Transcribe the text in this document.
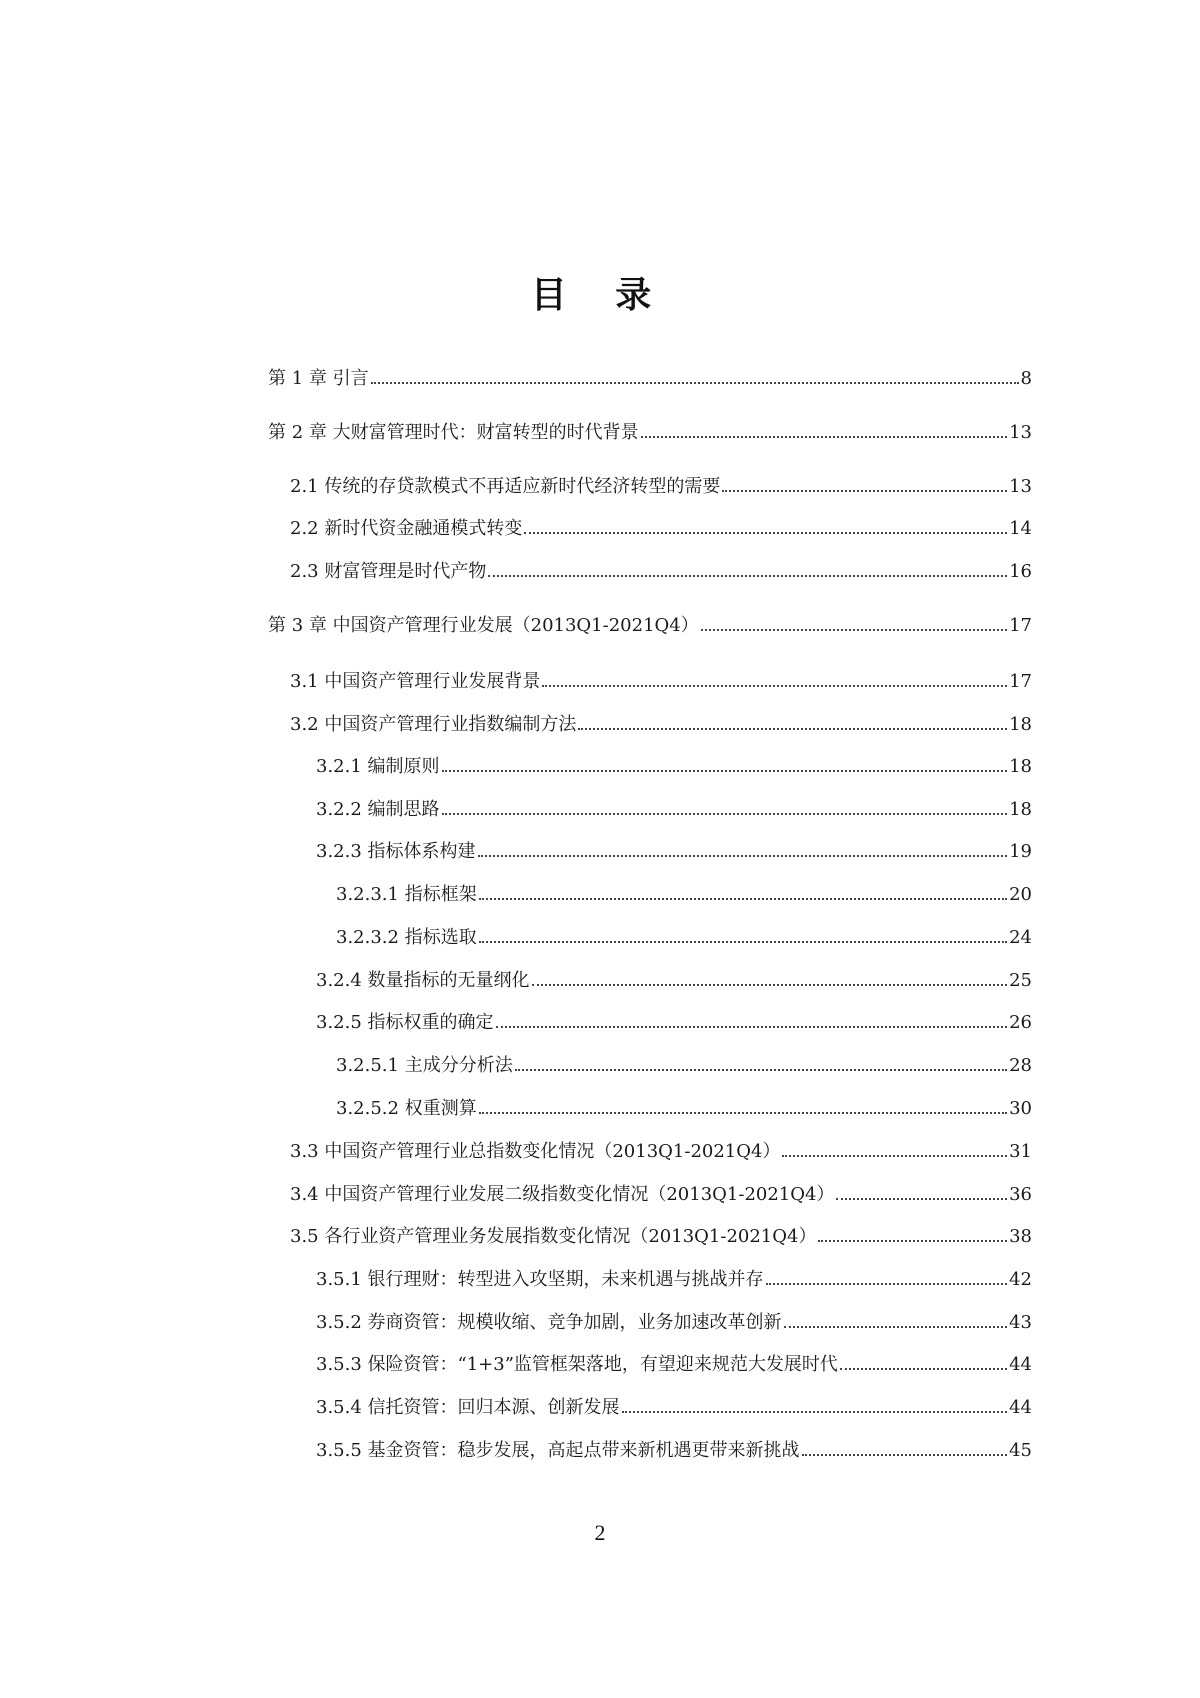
目 录
第 1 章 引言	8
第 2 章 大财富管理时代：财富转型的时代背景	13
2.1 传统的存贷款模式不再适应新时代经济转型的需要	13
2.2 新时代资金融通模式转变	14
2.3 财富管理是时代产物	16
第 3 章 中国资产管理行业发展（2013Q1-2021Q4）	17
3.1 中国资产管理行业发展背景	17
3.2 中国资产管理行业指数编制方法	18
3.2.1 编制原则	18
3.2.2 编制思路	18
3.2.3 指标体系构建	19
3.2.3.1 指标框架	20
3.2.3.2 指标选取	24
3.2.4 数量指标的无量纲化	25
3.2.5 指标权重的确定	26
3.2.5.1 主成分分析法	28
3.2.5.2 权重测算	30
3.3 中国资产管理行业总指数变化情况（2013Q1-2021Q4）	31
3.4 中国资产管理行业发展二级指数变化情况（2013Q1-2021Q4）	36
3.5 各行业资产管理业务发展指数变化情况（2013Q1-2021Q4）	38
3.5.1 银行理财：转型进入攻坚期，未来机遇与挑战并存	42
3.5.2 券商资管：规模收缩、竞争加剧，业务加速改革创新	43
3.5.3 保险资管：“1+3”监管框架落地，有望迎来规范大发展时代	44
3.5.4 信托资管：回归本源、创新发展	44
3.5.5 基金资管：稳步发展，高起点带来新机遇更带来新挑战	45
2
